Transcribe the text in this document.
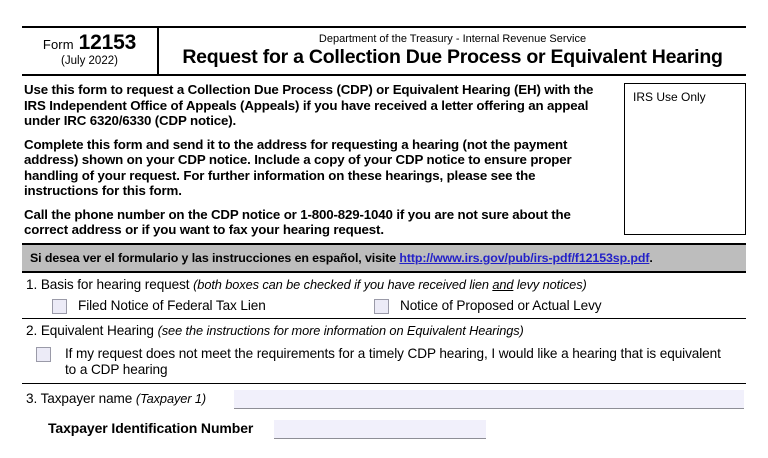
Form 12153
(July 2022)
Department of the Treasury - Internal Revenue Service
Request for a Collection Due Process or Equivalent Hearing

Use this form to request a Collection Due Process (CDP) or Equivalent Hearing (EH) with the IRS Independent Office of Appeals (Appeals) if you have received a letter offering an appeal under IRC 6320/6330 (CDP notice).

Complete this form and send it to the address for requesting a hearing (not the payment address) shown on your CDP notice. Include a copy of your CDP notice to ensure proper handling of your request. For further information on these hearings, please see the instructions for this form.

Call the phone number on the CDP notice or 1-800-829-1040 if you are not sure about the correct address or if you want to fax your hearing request.

IRS Use Only
Si desea ver el formulario y las instrucciones en español, visite http://www.irs.gov/pub/irs-pdf/f12153sp.pdf.
1. Basis for hearing request (both boxes can be checked if you have received lien and levy notices)
Filed Notice of Federal Tax Lien	Notice of Proposed or Actual Levy
2. Equivalent Hearing (see the instructions for more information on Equivalent Hearings)
If my request does not meet the requirements for a timely CDP hearing, I would like a hearing that is equivalent to a CDP hearing
3. Taxpayer name (Taxpayer 1)
Taxpayer Identification Number
